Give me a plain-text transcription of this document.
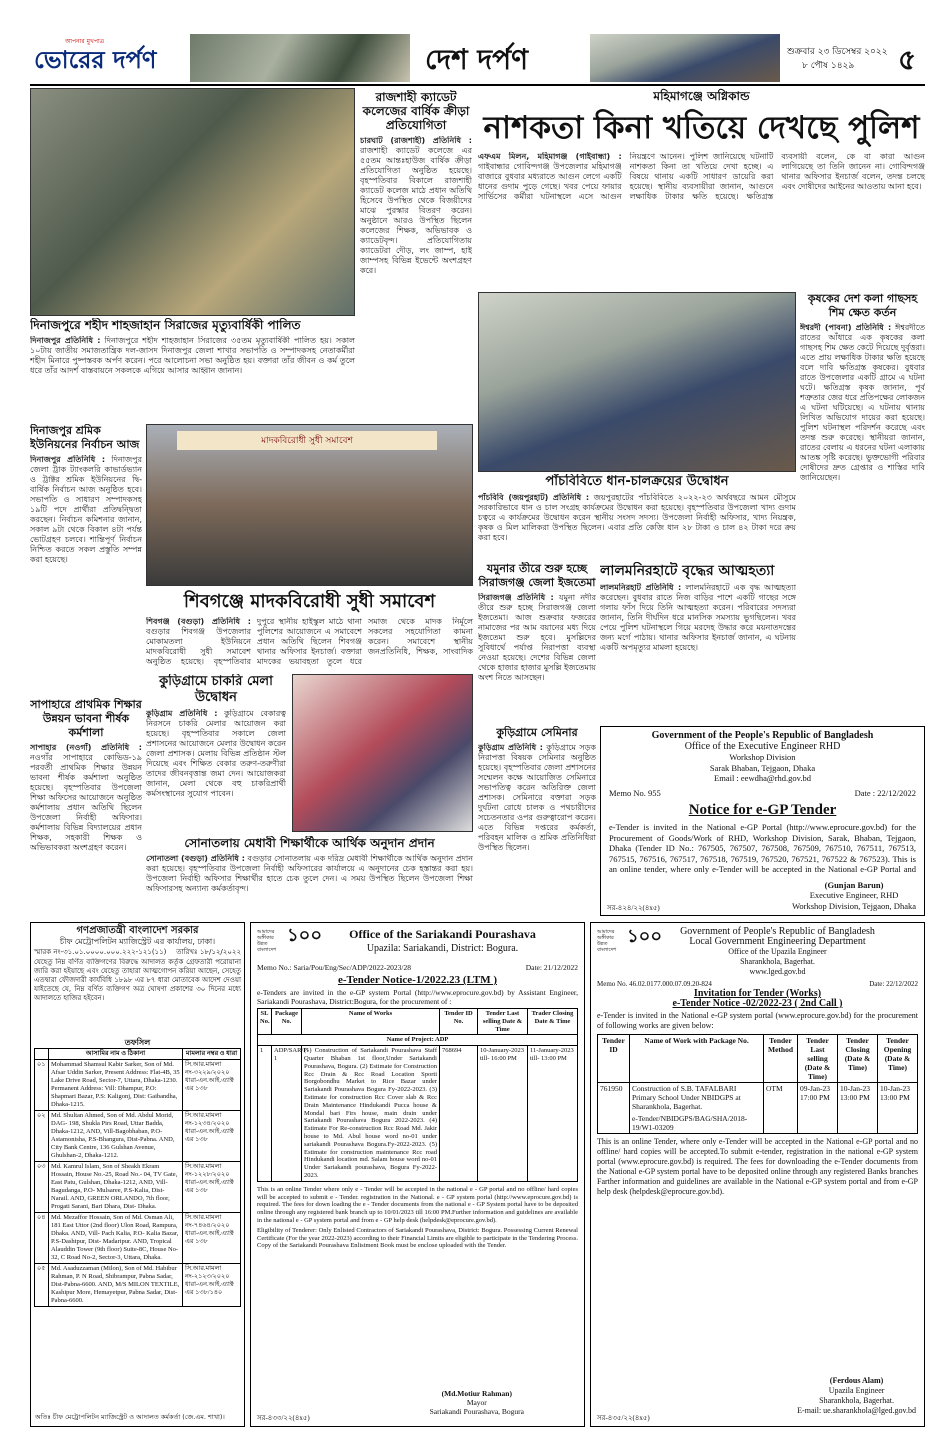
আপনার মুখপাত্র
ভোরের দর্পণ	দেশ দর্পণ	শুক্রবার ২৩ ডিসেম্বর ২০২২
৮ পৌষ ১৪২৯ ৫
রাজশাহী ক্যাডেট কলেজের বার্ষিক ক্রীড়া প্রতিযোগিতা
চারঘাট (রাজশাহী) প্রতিনিধি : রাজশাহী ক্যাডেট কলেজে এর ৫৫তম আন্তঃহাউজ বার্ষিক ক্রীড়া প্রতিযোগিতা অনুষ্ঠিত হয়েছে। বৃহস্পতিবার বিকালে রাজশাহী ক্যাডেট কলেজ মাঠে প্রধান অতিথি হিসেবে উপস্থিত থেকে বিজয়ীদের মাঝে পুরস্কার বিতরণ করেন। অনুষ্ঠানে আরও উপস্থিত ছিলেন কলেজের শিক্ষক, অভিভাবক ও ক্যাডেটবৃন্দ। প্রতিযোগিতায় ক্যাডেটরা দৌড়, লং জাম্প, হাই জাম্পসহ বিভিন্ন ইভেন্টে অংশগ্রহণ করে।
দিনাজপুরে শহীদ শাহজাহান সিরাজের মৃত্যুবার্ষিকী পালিত
দিনাজপুর প্রতিনিধি : দিনাজপুরে শহীদ শাহজাহান সিরাজের ৩৫তম মৃত্যুবার্ষিকী পালিত হয়। সকাল ১০টায় জাতীয় সমাজতান্ত্রিক দল-জাসদ দিনাজপুর জেলা শাখার সভাপতি ও সম্পাদকসহ নেতাকর্মীরা শহীদ মিনারে পুষ্পস্তবক অর্পণ করেন। পরে আলোচনা সভা অনুষ্ঠিত হয়। বক্তারা তাঁর জীবন ও কর্ম তুলে ধরে তাঁর আদর্শ বাস্তবায়নে সকলকে এগিয়ে আসার আহ্বান জানান।
মহিমাগঞ্জে অগ্নিকান্ড
নাশকতা কিনা খতিয়ে দেখছে পুলিশ
এফএম মিলন, মহিমাগঞ্জ (গাইবান্ধা) : গাইবান্ধার গোবিন্দগঞ্জ উপজেলার মহিমাগঞ্জ বাজারে বুধবার মধ্যরাতে আগুন লেগে একটি ধানের গুদাম পুড়ে গেছে। খবর পেয়ে ফায়ার সার্ভিসের কর্মীরা ঘটনাস্থলে এসে আগুন নিয়ন্ত্রণে আনেন। পুলিশ জানিয়েছে ঘটনাটি নাশকতা কিনা তা খতিয়ে দেখা হচ্ছে। এ বিষয়ে থানায় একটি সাধারণ ডায়েরি করা হয়েছে। স্থানীয় ব্যবসায়ীরা জানান, আগুনে লক্ষাধিক টাকার ক্ষতি হয়েছে। ক্ষতিগ্রস্ত ব্যবসায়ী বলেন, কে বা কারা আগুন লাগিয়েছে তা তিনি জানেন না। গোবিন্দগঞ্জ থানার অফিসার ইনচার্জ বলেন, তদন্ত চলছে এবং দোষীদের আইনের আওতায় আনা হবে।
কৃষকের দেশ কলা গাছসহ শিম ক্ষেত কর্তন
ঈশ্বরদী (পাবনা) প্রতিনিধি : ঈশ্বরদীতে রাতের আঁধারে এক কৃষকের কলা গাছসহ শিম ক্ষেত কেটে দিয়েছে দুর্বৃত্তরা। এতে প্রায় লক্ষাধিক টাকার ক্ষতি হয়েছে বলে দাবি ক্ষতিগ্রস্ত কৃষকের। বুধবার রাতে উপজেলার একটি গ্রামে এ ঘটনা ঘটে। ক্ষতিগ্রস্ত কৃষক জানান, পূর্ব শত্রুতার জের ধরে প্রতিপক্ষের লোকজন এ ঘটনা ঘটিয়েছে। এ ঘটনায় থানায় লিখিত অভিযোগ দায়ের করা হয়েছে। পুলিশ ঘটনাস্থল পরিদর্শন করেছে এবং তদন্ত শুরু করেছে। স্থানীয়রা জানান, রাতের বেলায় এ ধরনের ঘটনা এলাকায় আতঙ্ক সৃষ্টি করেছে। ভুক্তভোগী পরিবার দোষীদের দ্রুত গ্রেপ্তার ও শাস্তির দাবি জানিয়েছেন।
পাঁচবিবিতে ধান-চালক্রয়ের উদ্বোধন
পাঁচবিবি (জয়পুরহাট) প্রতিনিধি : জয়পুরহাটের পাঁচবিবিতে ২০২২-২৩ অর্থবছরে আমন মৌসুমে সরকারিভাবে ধান ও চাল সংগ্রহ কার্যক্রমের উদ্বোধন করা হয়েছে। বৃহস্পতিবার উপজেলা খাদ্য গুদাম চত্বরে এ কার্যক্রমের উদ্বোধন করেন স্থানীয় সংসদ সদস্য। উপজেলা নির্বাহী অফিসার, খাদ্য নিয়ন্ত্রক, কৃষক ও মিল মালিকরা উপস্থিত ছিলেন। এবার প্রতি কেজি ধান ২৮ টাকা ও চাল ৪২ টাকা দরে ক্রয় করা হবে।
দিনাজপুর শ্রমিক ইউনিয়নের নির্বাচন আজ
দিনাজপুর প্রতিনিধি : দিনাজপুর জেলা ট্রাক ট্যাংকলরি কাভার্ডভ্যান ও ট্রাক্টর শ্রমিক ইউনিয়নের দ্বি-বার্ষিক নির্বাচন আজ অনুষ্ঠিত হবে। সভাপতি ও সাধারণ সম্পাদকসহ ১৯টি পদে প্রার্থীরা প্রতিদ্বন্দ্বিতা করছেন। নির্বাচন কমিশনার জানান, সকাল ৯টা থেকে বিকাল ৪টা পর্যন্ত ভোটগ্রহণ চলবে। শান্তিপূর্ণ নির্বাচন নিশ্চিত করতে সকল প্রস্তুতি সম্পন্ন করা হয়েছে।
মাদকবিরোধী সুধী সমাবেশ
শিবগঞ্জে মাদকবিরোধী সুধী সমাবেশ
শিবগঞ্জ (বগুড়া) প্রতিনিধি : বগুড়ার শিবগঞ্জ উপজেলার মোকামতলা ইউনিয়নে মাদকবিরোধী সুধী সমাবেশ অনুষ্ঠিত হয়েছে। বৃহস্পতিবার দুপুরে স্থানীয় হাইস্কুল মাঠে থানা পুলিশের আয়োজনে এ সমাবেশে প্রধান অতিথি ছিলেন শিবগঞ্জ থানার অফিসার ইনচার্জ। বক্তারা মাদকের ভয়াবহতা তুলে ধরে সমাজ থেকে মাদক নির্মূলে সকলের সহযোগিতা কামনা করেন। সমাবেশে স্থানীয় জনপ্রতিনিধি, শিক্ষক, সাংবাদিক
সাপাহারে প্রাথমিক শিক্ষার উন্নয়ন ভাবনা শীর্ষক কর্মশালা
সাপাহার (নওগাঁ) প্রতিনিধি : নওগাঁর সাপাহারে কোভিড-১৯ পরবর্তী প্রাথমিক শিক্ষার উন্নয়ন ভাবনা শীর্ষক কর্মশালা অনুষ্ঠিত হয়েছে। বৃহস্পতিবার উপজেলা শিক্ষা অফিসের আয়োজনে অনুষ্ঠিত কর্মশালায় প্রধান অতিথি ছিলেন উপজেলা নির্বাহী অফিসার। কর্মশালায় বিভিন্ন বিদ্যালয়ের প্রধান শিক্ষক, সহকারী শিক্ষক ও অভিভাবকরা অংশগ্রহণ করেন।
কুড়িগ্রামে চাকরি মেলা উদ্বোধন
কুড়িগ্রাম প্রতিনিধি : কুড়িগ্রামে বেকারত্ব নিরসনে চাকরি মেলার আয়োজন করা হয়েছে। বৃহস্পতিবার সকালে জেলা প্রশাসনের আয়োজনে মেলার উদ্বোধন করেন জেলা প্রশাসক। মেলায় বিভিন্ন প্রতিষ্ঠান স্টল দিয়েছে এবং শিক্ষিত বেকার তরুণ-তরুণীরা তাদের জীবনবৃত্তান্ত জমা দেন। আয়োজকরা জানান, মেলা থেকে বহু চাকরিপ্রার্থী কর্মসংস্থানের সুযোগ পাবেন।
যমুনার তীরে শুরু হচ্ছে সিরাজগঞ্জ জেলা ইজতেমা
সিরাজগঞ্জ প্রতিনিধি : যমুনা নদীর তীরে শুরু হচ্ছে সিরাজগঞ্জ জেলা ইজতেমা। আজ শুক্রবার ফজরের নামাজের পর আম বয়ানের মধ্য দিয়ে ইজতেমা শুরু হবে। মুসল্লিদের সুবিধার্থে পর্যাপ্ত নিরাপত্তা ব্যবস্থা নেওয়া হয়েছে। দেশের বিভিন্ন জেলা থেকে হাজার হাজার মুসল্লি ইজতেমায় অংশ নিতে আসছেন।
লালমনিরহাটে বৃদ্ধের আত্মহত্যা
লালমনিরহাট প্রতিনিধি : লালমনিরহাটে এক বৃদ্ধ আত্মহত্যা করেছেন। বুধবার রাতে নিজ বাড়ির পাশে একটি গাছের সঙ্গে গলায় ফাঁস দিয়ে তিনি আত্মহত্যা করেন। পরিবারের সদস্যরা জানান, তিনি দীর্ঘদিন ধরে মানসিক সমস্যায় ভুগছিলেন। খবর পেয়ে পুলিশ ঘটনাস্থলে গিয়ে মরদেহ উদ্ধার করে ময়নাতদন্তের জন্য মর্গে পাঠায়। থানার অফিসার ইনচার্জ জানান, এ ঘটনায় একটি অপমৃত্যুর মামলা হয়েছে।
কুড়িগ্রামে সেমিনার
কুড়িগ্রাম প্রতিনিধি : কুড়িগ্রামে সড়ক নিরাপত্তা বিষয়ক সেমিনার অনুষ্ঠিত হয়েছে। বৃহস্পতিবার জেলা প্রশাসনের সম্মেলন কক্ষে আয়োজিত সেমিনারে সভাপতিত্ব করেন অতিরিক্ত জেলা প্রশাসক। সেমিনারে বক্তারা সড়ক দুর্ঘটনা রোধে চালক ও পথচারীদের সচেতনতার ওপর গুরুত্বারোপ করেন। এতে বিভিন্ন দপ্তরের কর্মকর্তা, পরিবহন মালিক ও শ্রমিক প্রতিনিধিরা উপস্থিত ছিলেন।
সোনাতলায় মেধাবী শিক্ষার্থীকে আর্থিক অনুদান প্রদান
সোনাতলা (বগুড়া) প্রতিনিধি : বগুড়ার সোনাতলায় এক দরিদ্র মেধাবী শিক্ষার্থীকে আর্থিক অনুদান প্রদান করা হয়েছে। বৃহস্পতিবার উপজেলা নির্বাহী অফিসারের কার্যালয়ে এ অনুদানের চেক হস্তান্তর করা হয়। উপজেলা নির্বাহী অফিসার শিক্ষার্থীর হাতে চেক তুলে দেন। এ সময় উপস্থিত ছিলেন উপজেলা শিক্ষা অফিসারসহ অন্যান্য কর্মকর্তাবৃন্দ।
Government of the People's Republic of Bangladesh
Office of the Executive Engineer RHD
Workshop Division
Sarak Bhaban, Tejgaon, Dhaka
Email : eewdha@rhd.gov.bd
Memo No. 955	Date : 22/12/2022
Notice for e-GP Tender
e-Tender is invited in the National e-GP Portal (http://www.eprocure.gov.bd) for the Procurement of Goods/Work of RHD, Workshop Division, Sarak, Bhaban, Tejgaon, Dhaka (Tender ID No.: 767505, 767507, 767508, 767509, 767510, 767511, 767513, 767515, 767516, 767517, 767518, 767519, 767520, 767521, 767522 & 767523). This is an online tender, where only e-Tender will be accepted in the National e-GP Portal and
(Gunjan Barun)
Executive Engineer, RHD
Workshop Division, Tejgaon, Dhaka
সর-৪২৪/২২(৪x৫)
গণপ্রজাতন্ত্রী বাংলাদেশ সরকার
চীফ মেট্রোপলিটন ম্যাজিস্ট্রেট এর কার্যালয়, ঢাকা।
স্মারক নং-৩১.০১.০০০০.০০০.২২২-১২১(১১) তারিখঃ ১৮/১২/২০২২
যেহেতু নিম্ন বর্ণিত ব্যক্তিগণের বিরুদ্ধে আদালত কর্তৃক গ্রেফতারী পরোয়ানা জারি করা হইয়াছে এবং যেহেতু তাহারা আত্মগোপন করিয়া আছেন, সেহেতু এতদ্বারা ফৌজদারী কার্যবিধি ১৮৯৮ এর ৮৭ ধারা মোতাবেক আদেশ দেওয়া যাইতেছে যে, নিম্ন বর্ণিত ব্যক্তিগণ অত্র ঘোষণা প্রকাশের ৩০ দিনের মধ্যে আদালতে হাজির হইবেন।
তফসিল
	আসামির নাম ও ঠিকানা	মামলার নম্বর ও ধারা
০১	Mohammad Shamsul Kabir Sarker, Son of Md. Afsar Uddin Sarker, Present Address: Flat-4B, 35 Lake Drive Road, Sector-7, Uttara, Dhaka-1230. Permanent Address: Vill: Dhampur, P.O: Shapmari Bazar, P.S: Kaligonj, Dist: Gaibandha, Dhaka-1215.	সি.আর.মামলা নং-৩২২৯/২০২০ ধারা-এন.আই.এ্যাক্ট এর ১৩৮
০২	Md. Shultan Ahmed, Son of Md. Abdul Morid, DAG- 198, Shukla Pirs Road, Uttar Badda, Dhaka-1212, AND, Vill-Bagobhaban, P.O-Astamonisha, P.S-Bhangura, Dist-Pabna. AND, City Bank Centre, 136 Gulshan Avenue, Ghulshan-2, Dhaka-1212.	সি.আর.মামলা নং-১২৩৪/২০২০ ধারা-এন.আই.এ্যাক্ট এর ১৩৮
০৩	Md. Kamrul Islam, Son of Sheakh Ekram Hossain, House No.-25, Road No.- 04, TV Gate, East Patu, Gulshan, Dhaka-1212, AND, Vill-Bagudanga, P.O- Mulsaree, P.S-Kalia, Dist- Narail. AND, GREEN ORLANDO, 7th floor, Progati Sarani, Bari Dhara, Dist- Dhaka.	সি.আর.মামলা নং-১২২৮/২০২০ ধারা-এন.আই.এ্যাক্ট এর ১৩৮
০৪	Md. Mezaffor Hossain, Son of Md. Osman Ali, 181 East Uttor (2nd floor) Ulon Road, Rampura, Dhaka. AND, Vill- Pach Kalia, P.O- Kalia Bazar, P.S-Dashtpur, Dist- Madaripur. AND, Tropical Alauddin Tower (9th floor) Suite-8C, House No-32, C Road No-2, Sector-3, Uttara, Dhaka.	সি.আর.মামলা নং-৭৪৬৪/২০২০ ধারা-এন.আই.এ্যাক্ট এর ১৩৮
০৫	Md. Asaduzzaman (Milon), Son of Md. Habibur Rahman, P. N Road, Shibrampur, Pabna Sadar, Dist-Pabna-6600. AND, M/S MILON TEXTILE, Kashipur More, Hemayetpur, Pabna Sadar, Dist- Pabna-6600.	সি.আর.মামলা নং-২১২৩/২০২০ ধারা-এন.আই.এ্যাক্ট এর ১৩৮/১৪০
অতিঃ চীফ মেট্রোপলিটন ম্যাজিস্ট্রেট ও আদালত কর্মকর্তা (জে.এম. শাখা)।
আমাদের অঙ্গীকার উন্নত বাংলাদেশ
১০০	Office of the Sariakandi Pourashava
Upazila: Sariakandi, District: Bogura.
Memo No.: Saria/Pou/Eng/Sec/ADP/2022-2023/28	Date: 21/12/2022
e-Tender Notice-1/2022.23 (LTM )
e-Tenders are invited in the e-GP system Portal (http://www.eprocure.gov.bd) by Assistant Engineer, Sariakandi Pourashava, District:Bogura, for the procurement of :
SL No.	Package No.	Name of Works	Tender ID No.	Tender Last selling Date & Time	Trader Closing Date & Time
Name of Project: ADP					
1	ADP/SAR/P-1	(1) Construction of Sariakandi Pourashava Staff Quarter Bhaban 1st floor,Under Sariakandi Pourashava, Bogura. (2) Estimate for Construction Rcc Drain & Rcc Road Location Sporti Borgobondhu Market to Rice Bazar under Sariakandi Pourashava Bogura Fy-2022-2023. (3) Estimate for construction Rcc Cover slab & Rcc Drain Maintenance Hindukandi Pucca house & Mondal bari Firs house, main drain under Sariakandi Pourashava Bogura 2022-2023. (4) Estimate For Re-construction Rcc Road Md. Jakir house to Md. Abul house word no-01 under sariakandi Pourashava Bogura.Fy-2022-2023. (5) Estimate for construction maintenance Rcc road Hindukandi location md. Salam house word no-01 Under Sariakandi pourashava, Bogura Fy-2022-2023.	768694	10-January-2023 till- 16:00 PM	11-January-2023 till- 13:00 PM
This is an online Tender where only e - Tender will be accepted in the national e - GP portal and no offline/ hard copies will be accepted to submit e - Tender. registration in the National. e - GP system portal (http://www.eprocure.gov.bd) is required. The fees for down loading the e - Tender documents from the national e - GP System portal have to be deposited online through any registered bank branch up to 10/01/2023 till 16:00 PM.Further information and guidelines are available in the national e - GP system portal and from e - GP help desk (helpdesk@eprocure.gov.bd).
Eligibility of Tenderer: Only Enlisted Contractors of Sariakandi Pourashava, District: Bogura. Possessing Current Renewal Certificate (For the year 2022-2023) according to their Financial Limits are eligible to participate in the Tendering Process. Copy of the Sariakandi Pourashava Enlistment Book must be enclose uploaded with the Tender.
(Md.Motiur Rahman)
Mayor
Sariakandi Pourashava, Bogura
সর-৪৩৩/২২(৪x৫)
আমাদের অঙ্গীকার উন্নত বাংলাদেশ
১০০	Government of People's Republic of Bangladesh
Local Government Engineering Department
Office of the Upazila Engineer
Sharankhola, Bagerhat.
www.lged.gov.bd
Memo No. 46.02.0177.000.07.09.20-824	Date: 22/12/2022
Invitation for Tender (Works)
e-Tender Notice -02/2022-23 ( 2nd Call )
e-Tender is invited in the National e-GP system portal (www.eprocure.gov.bd) for the procurement of following works are given below:
Tender ID	Name of Work with Package No.	Tender Method	Tender Last selling (Date & Time)	Tender Closing (Date & Time)	Tender Opening (Date & Time)
761950	Construction of S.B. TAFALBARI Primary School Under NBIDGPS at Sharankhola, Bagerhat.
e-Tender/NBIDGPS/BAG/SHA/2018-19/W1-03209	OTM	09-Jan-23 17:00 PM	10-Jan-23 13:00 PM	10-Jan-23 13:00 PM
This is an online Tender, where only e-Tender will be accepted in the National e-GP portal and no offline/ hard copies will be accepted.To submit e-tender, registration in the national e-GP system portal (www.eprocure.gov.bd) is required. The fees for downloading the e-Tender documents from the National e-GP system portal have to be deposited online through any registered Banks branches Farther information and guidelines are available in the National e-GP system portal and from e-GP help desk (helpdesk@eprocure.gov.bd).
(Ferdous Alam)
Upazila Engineer
Sharankhola, Bagerhat.
E-mail: ue.sharankhola@lged.gov.bd
সর-৪৩৫/২২(৪x৫)
